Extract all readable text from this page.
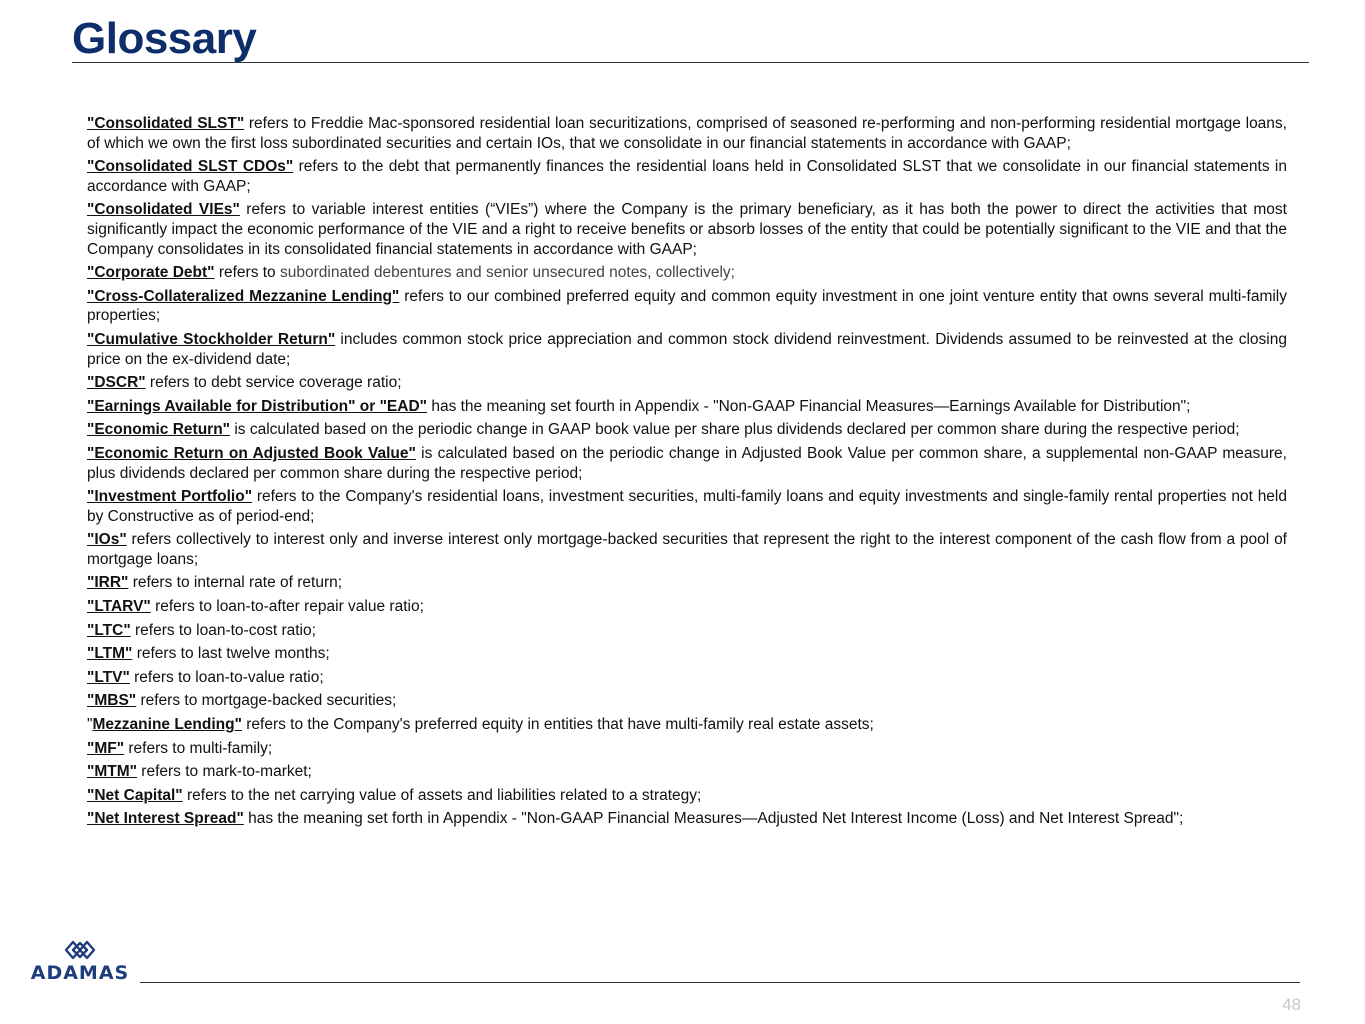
Glossary

"Consolidated SLST" refers to Freddie Mac-sponsored residential loan securitizations, comprised of seasoned re-performing and non-performing residential mortgage loans, of which we own the first loss subordinated securities and certain IOs, that we consolidate in our financial statements in accordance with GAAP;

"Consolidated SLST CDOs" refers to the debt that permanently finances the residential loans held in Consolidated SLST that we consolidate in our financial statements in accordance with GAAP;

"Consolidated VIEs" refers to variable interest entities (“VIEs”) where the Company is the primary beneficiary, as it has both the power to direct the activities that most significantly impact the economic performance of the VIE and a right to receive benefits or absorb losses of the entity that could be potentially significant to the VIE and that the Company consolidates in its consolidated financial statements in accordance with GAAP;

"Corporate Debt" refers to subordinated debentures and senior unsecured notes, collectively;

"Cross-Collateralized Mezzanine Lending" refers to our combined preferred equity and common equity investment in one joint venture entity that owns several multi-family properties;

"Cumulative Stockholder Return" includes common stock price appreciation and common stock dividend reinvestment. Dividends assumed to be reinvested at the closing price on the ex-dividend date;

"DSCR" refers to debt service coverage ratio;

"Earnings Available for Distribution" or "EAD" has the meaning set fourth in Appendix - "Non-GAAP Financial Measures—Earnings Available for Distribution";

"Economic Return" is calculated based on the periodic change in GAAP book value per share plus dividends declared per common share during the respective period;

"Economic Return on Adjusted Book Value" is calculated based on the periodic change in Adjusted Book Value per common share, a supplemental non-GAAP measure, plus dividends declared per common share during the respective period;

"Investment Portfolio" refers to the Company's residential loans, investment securities, multi-family loans and equity investments and single-family rental properties not held by Constructive as of period-end;

"IOs" refers collectively to interest only and inverse interest only mortgage-backed securities that represent the right to the interest component of the cash flow from a pool of mortgage loans;

"IRR" refers to internal rate of return;

"LTARV" refers to loan-to-after repair value ratio;

"LTC" refers to loan-to-cost ratio;

"LTM" refers to last twelve months;

"LTV" refers to loan-to-value ratio;

"MBS" refers to mortgage-backed securities;

"Mezzanine Lending" refers to the Company's preferred equity in entities that have multi-family real estate assets;

"MF" refers to multi-family;

"MTM" refers to mark-to-market;

"Net Capital" refers to the net carrying value of assets and liabilities related to a strategy;

"Net Interest Spread" has the meaning set forth in Appendix - "Non-GAAP Financial Measures—Adjusted Net Interest Income (Loss) and Net Interest Spread";

ADAMAS
48
